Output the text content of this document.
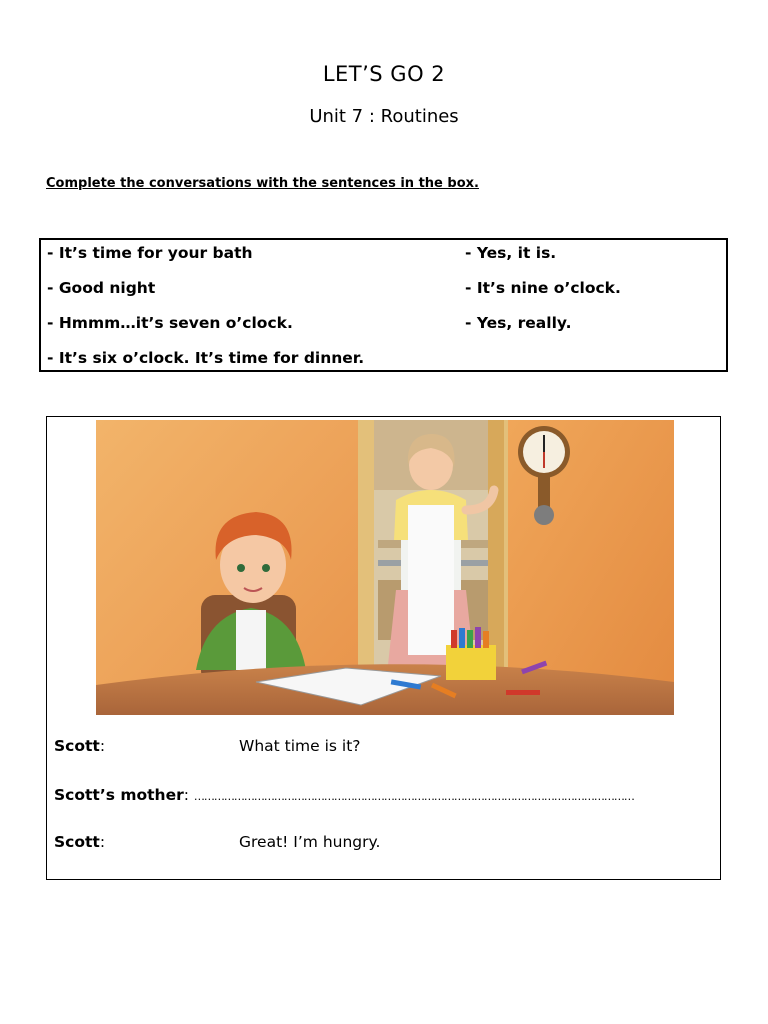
LET’S GO 2
Unit 7 : Routines
Complete the conversations with the sentences in the box.
- It’s time for your bath
- Good night
- Hmmm…it’s seven o’clock.
- It’s six o’clock. It’s time for dinner.
- Yes, it is.
- It’s nine o’clock.
- Yes, really.
Scott:	What time is it?
Scott’s mother: ……………………………………………………………………………………………………………………
Scott:	Great! I’m hungry.
